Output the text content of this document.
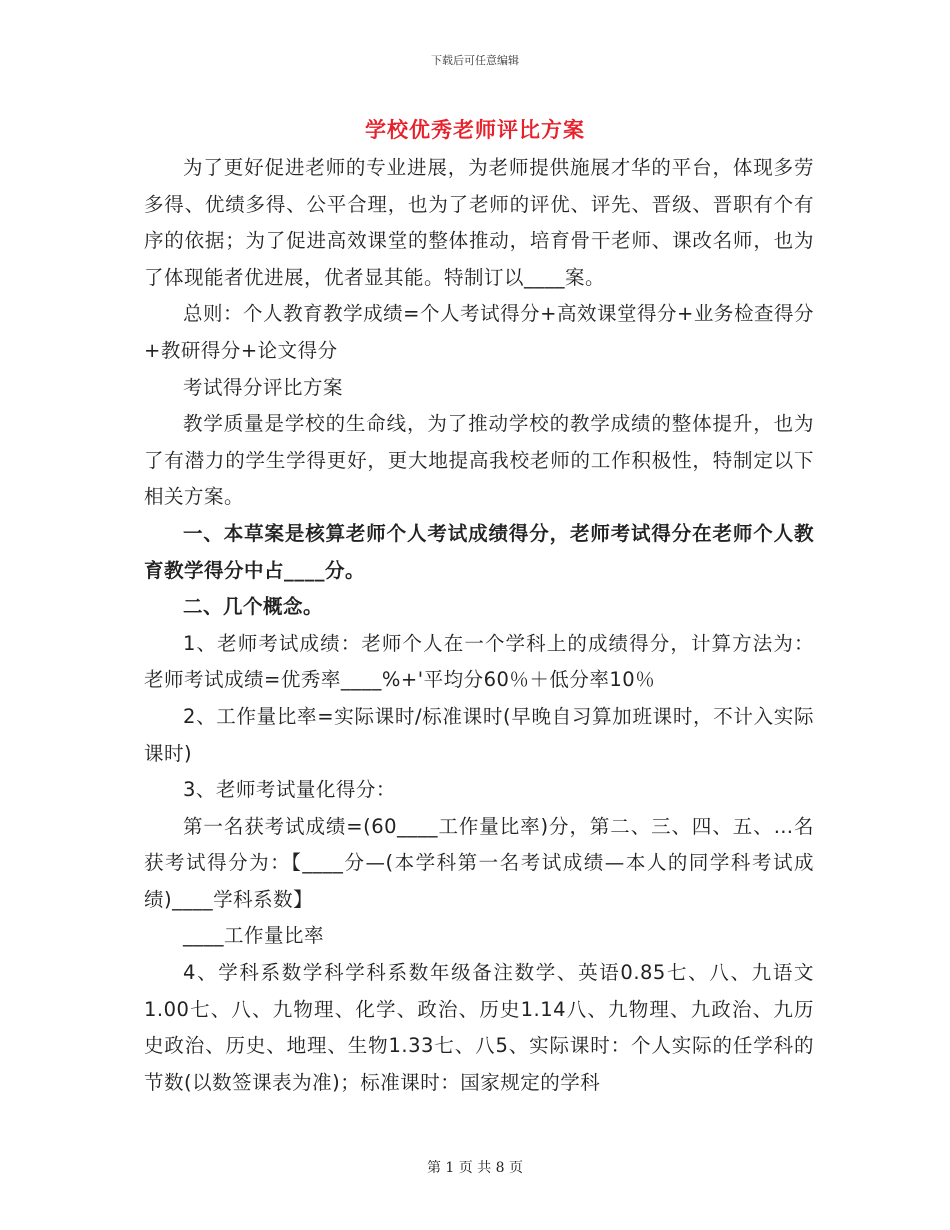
下载后可任意编辑
学校优秀老师评比方案

为了更好促进老师的专业进展，为老师提供施展才华的平台，体现多劳多得、优绩多得、公平合理，也为了老师的评优、评先、晋级、晋职有个有序的依据；为了促进高效课堂的整体推动，培育骨干老师、课改名师，也为了体现能者优进展，优者显其能。特制订以____案。

总则：个人教育教学成绩=个人考试得分+高效课堂得分+业务检查得分+教研得分+论文得分

考试得分评比方案

教学质量是学校的生命线，为了推动学校的教学成绩的整体提升，也为了有潜力的学生学得更好，更大地提高我校老师的工作积极性，特制定以下相关方案。

一、本草案是核算老师个人考试成绩得分，老师考试得分在老师个人教育教学得分中占____分。

二、几个概念。

1、老师考试成绩：老师个人在一个学科上的成绩得分，计算方法为：老师考试成绩=优秀率____%+'平均分60％＋低分率10％

2、工作量比率=实际课时/标准课时(早晚自习算加班课时，不计入实际课时)

3、老师考试量化得分：

第一名获考试成绩=(60____工作量比率)分，第二、三、四、五、…名获考试得分为：【____分—(本学科第一名考试成绩—本人的同学科考试成绩)____学科系数】

____工作量比率

4、学科系数学科学科系数年级备注数学、英语0.85七、八、九语文1.00七、八、九物理、化学、政治、历史1.14八、九物理、九政治、九历史政治、历史、地理、生物1.33七、八5、实际课时：个人实际的任学科的节数(以数签课表为准)；标准课时：国家规定的学科

第 1 页 共 8 页
